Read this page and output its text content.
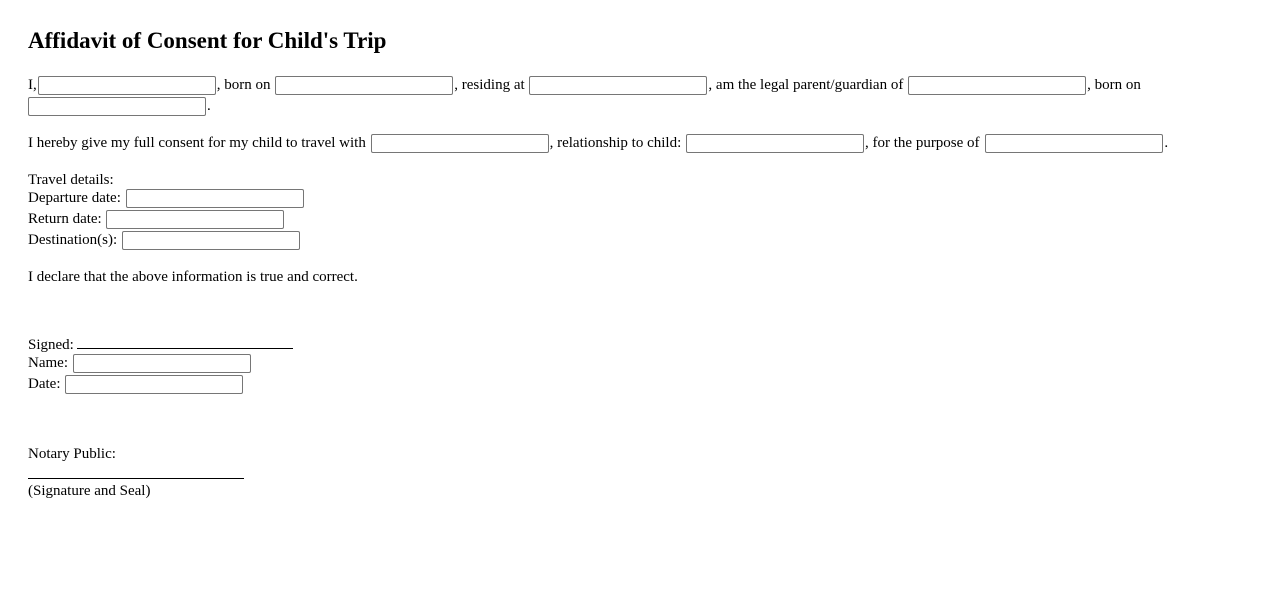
Affidavit of Consent for Child's Trip
I,	, born on	, residing at	, am the legal parent/guardian of	, born on
.
I hereby give my full consent for my child to travel with	, relationship to child:	, for the purpose of	.
Travel details:
Departure date:
Return date:
Destination(s):
I declare that the above information is true and correct.
Signed:
Name:
Date:
Notary Public:
(Signature and Seal)
